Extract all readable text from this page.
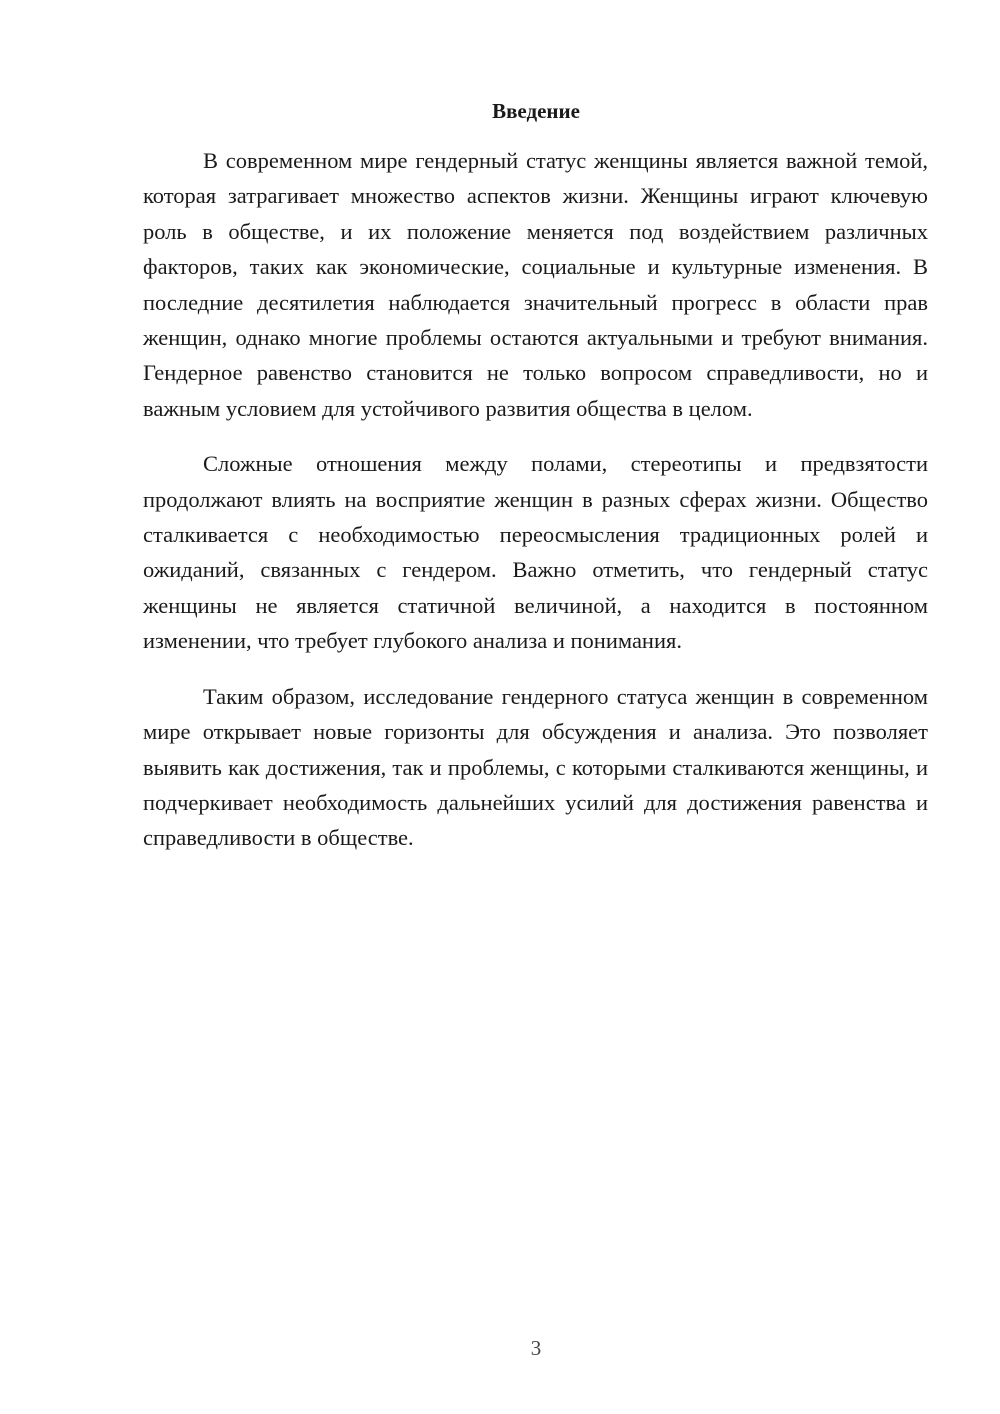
Введение

В современном мире гендерный статус женщины является важной темой, которая затрагивает множество аспектов жизни. Женщины играют ключевую роль в обществе, и их положение меняется под воздействием различных факторов, таких как экономические, социальные и культурные изменения. В последние десятилетия наблюдается значительный прогресс в области прав женщин, однако многие проблемы остаются актуальными и требуют внимания. Гендерное равенство становится не только вопросом справедливости, но и важным условием для устойчивого развития общества в целом.

Сложные отношения между полами, стереотипы и предвзятости продолжают влиять на восприятие женщин в разных сферах жизни. Общество сталкивается с необходимостью переосмысления традиционных ролей и ожиданий, связанных с гендером. Важно отметить, что гендерный статус женщины не является статичной величиной, а находится в постоянном изменении, что требует глубокого анализа и понимания.

Таким образом, исследование гендерного статуса женщин в современном мире открывает новые горизонты для обсуждения и анализа. Это позволяет выявить как достижения, так и проблемы, с которыми сталкиваются женщины, и подчеркивает необходимость дальнейших усилий для достижения равенства и справедливости в обществе.

3
